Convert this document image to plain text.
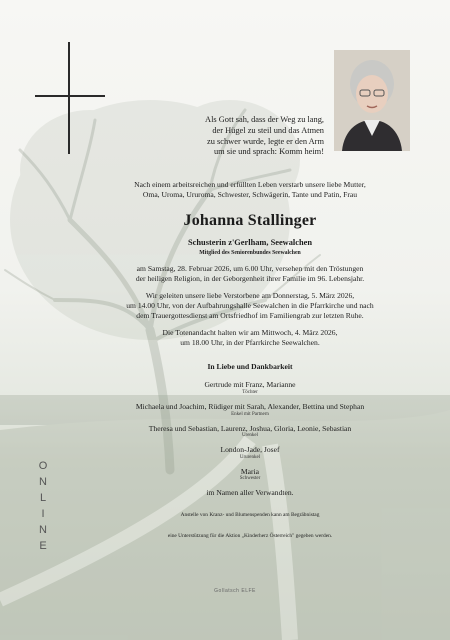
Als Gott sah, dass der Weg zu lang,
der Hügel zu steil und das Atmen
zu schwer wurde, legte er den Arm
um sie und sprach: Komm heim!

Nach einem arbeitsreichen und erfüllten Leben verstarb unsere liebe Mutter,

Oma, Uroma, Ururoma, Schwester, Schwägerin, Tante und Patin, Frau

Johanna Stallinger

Schusterin z'Gerlham, Seewalchen

Mitglied des Seniorenbundes Seewalchen

am Samstag, 28. Februar 2026, um 6.00 Uhr, versehen mit den Tröstungen

der heiligen Religion, in der Geborgenheit ihrer Familie im 96. Lebensjahr.

Wir geleiten unsere liebe Verstorbene am Donnerstag, 5. März 2026,

um 14.00 Uhr, von der Aufbahrungshalle Seewalchen in die Pfarrkirche und nach

dem Trauergottesdienst am Ortsfriedhof im Familiengrab zur letzten Ruhe.

Die Totenandacht halten wir am Mittwoch, 4. März 2026,

um 18.00 Uhr, in der Pfarrkirche Seewalchen.

In Liebe und Dankbarkeit

Gertrude mit Franz, Marianne

Töchter

Michaela und Joachim, Rüdiger mit Sarah, Alexander, Bettina und Stephan

Enkel mit Partnern

Theresa und Sebastian, Laurenz, Joshua, Gloria, Leonie, Sebastian

Urenkel

London-Jade, Josef

Ururenkel

Maria

Schwester

im Namen aller Verwandten.

Anstelle von Kranz- und Blumenspenden kann am Begräbnistag

eine Unterstützung für die Aktion „Kinderherz Österreich" gegeben werden.

O
N
L
I
N
E
Gollatsch ELFE
